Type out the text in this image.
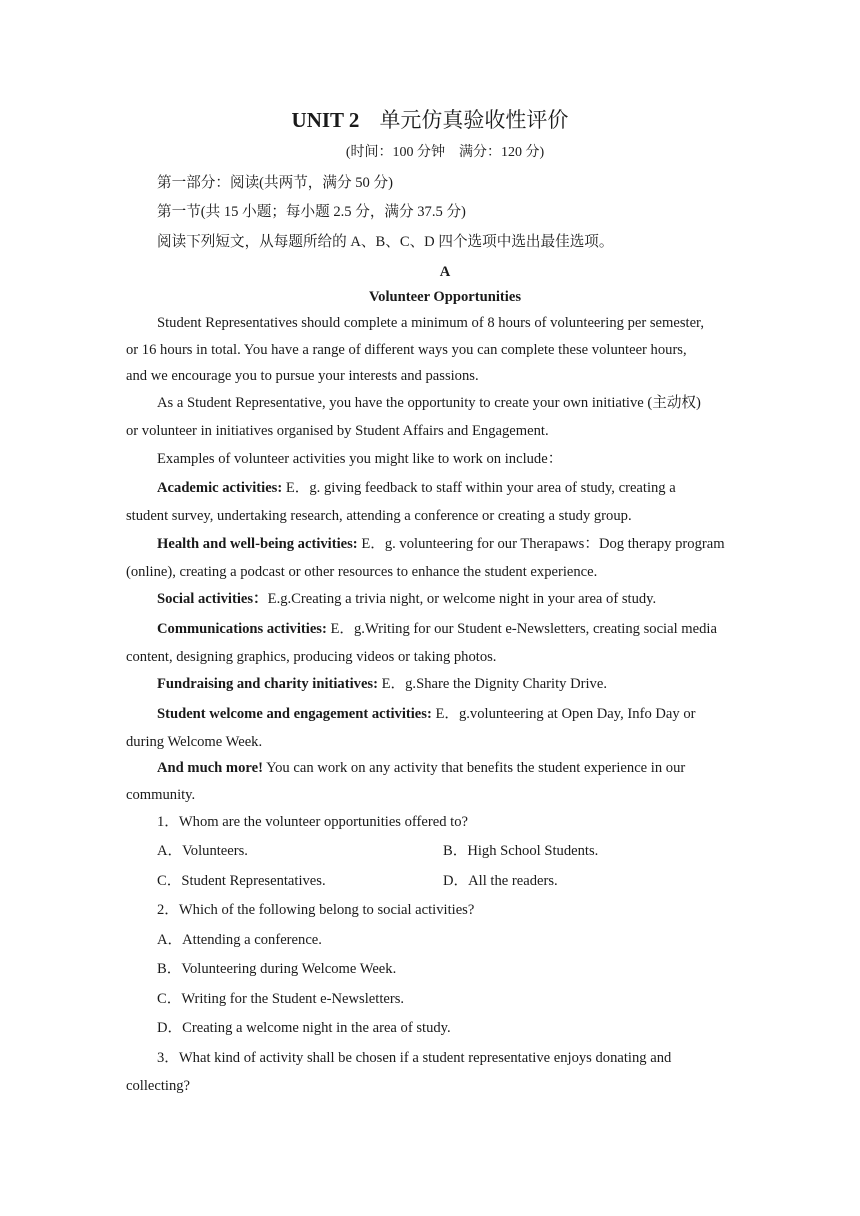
UNIT 2 单元仿真验收性评价
(时间：100 分钟　满分：120 分)
第一部分：阅读(共两节，满分 50 分)
第一节(共 15 小题；每小题 2.5 分，满分 37.5 分)
阅读下列短文，从每题所给的 A、B、C、D 四个选项中选出最佳选项。
A
Volunteer Opportunities
Student Representatives should complete a minimum of 8 hours of volunteering per semester,
or 16 hours in total. You have a range of different ways you can complete these volunteer hours,
and we encourage you to pursue your interests and passions.
As a Student Representative, you have the opportunity to create your own initiative (主动权)
or volunteer in initiatives organised by Student Affairs and Engagement.
Examples of volunteer activities you might like to work on include：
Academic activities: E．g. giving feedback to staff within your area of study, creating a
student survey, undertaking research, attending a conference or creating a study group.
Health and well-being activities: E．g. volunteering for our Therapaws：Dog therapy program
(online), creating a podcast or other resources to enhance the student experience.
Social activities：E.g.Creating a trivia night, or welcome night in your area of study.
Communications activities: E．g.Writing for our Student e-Newsletters, creating social media
content, designing graphics, producing videos or taking photos.
Fundraising and charity initiatives: E．g.Share the Dignity Charity Drive.
Student welcome and engagement activities: E．g.volunteering at Open Day, Info Day or
during Welcome Week.
And much more! You can work on any activity that benefits the student experience in our
community.
1．Whom are the volunteer opportunities offered to?
A．Volunteers.	B．High School Students.
C．Student Representatives.	D．All the readers.
2．Which of the following belong to social activities?
A．Attending a conference.
B．Volunteering during Welcome Week.
C．Writing for the Student e-Newsletters.
D．Creating a welcome night in the area of study.
3．What kind of activity shall be chosen if a student representative enjoys donating and
collecting?
